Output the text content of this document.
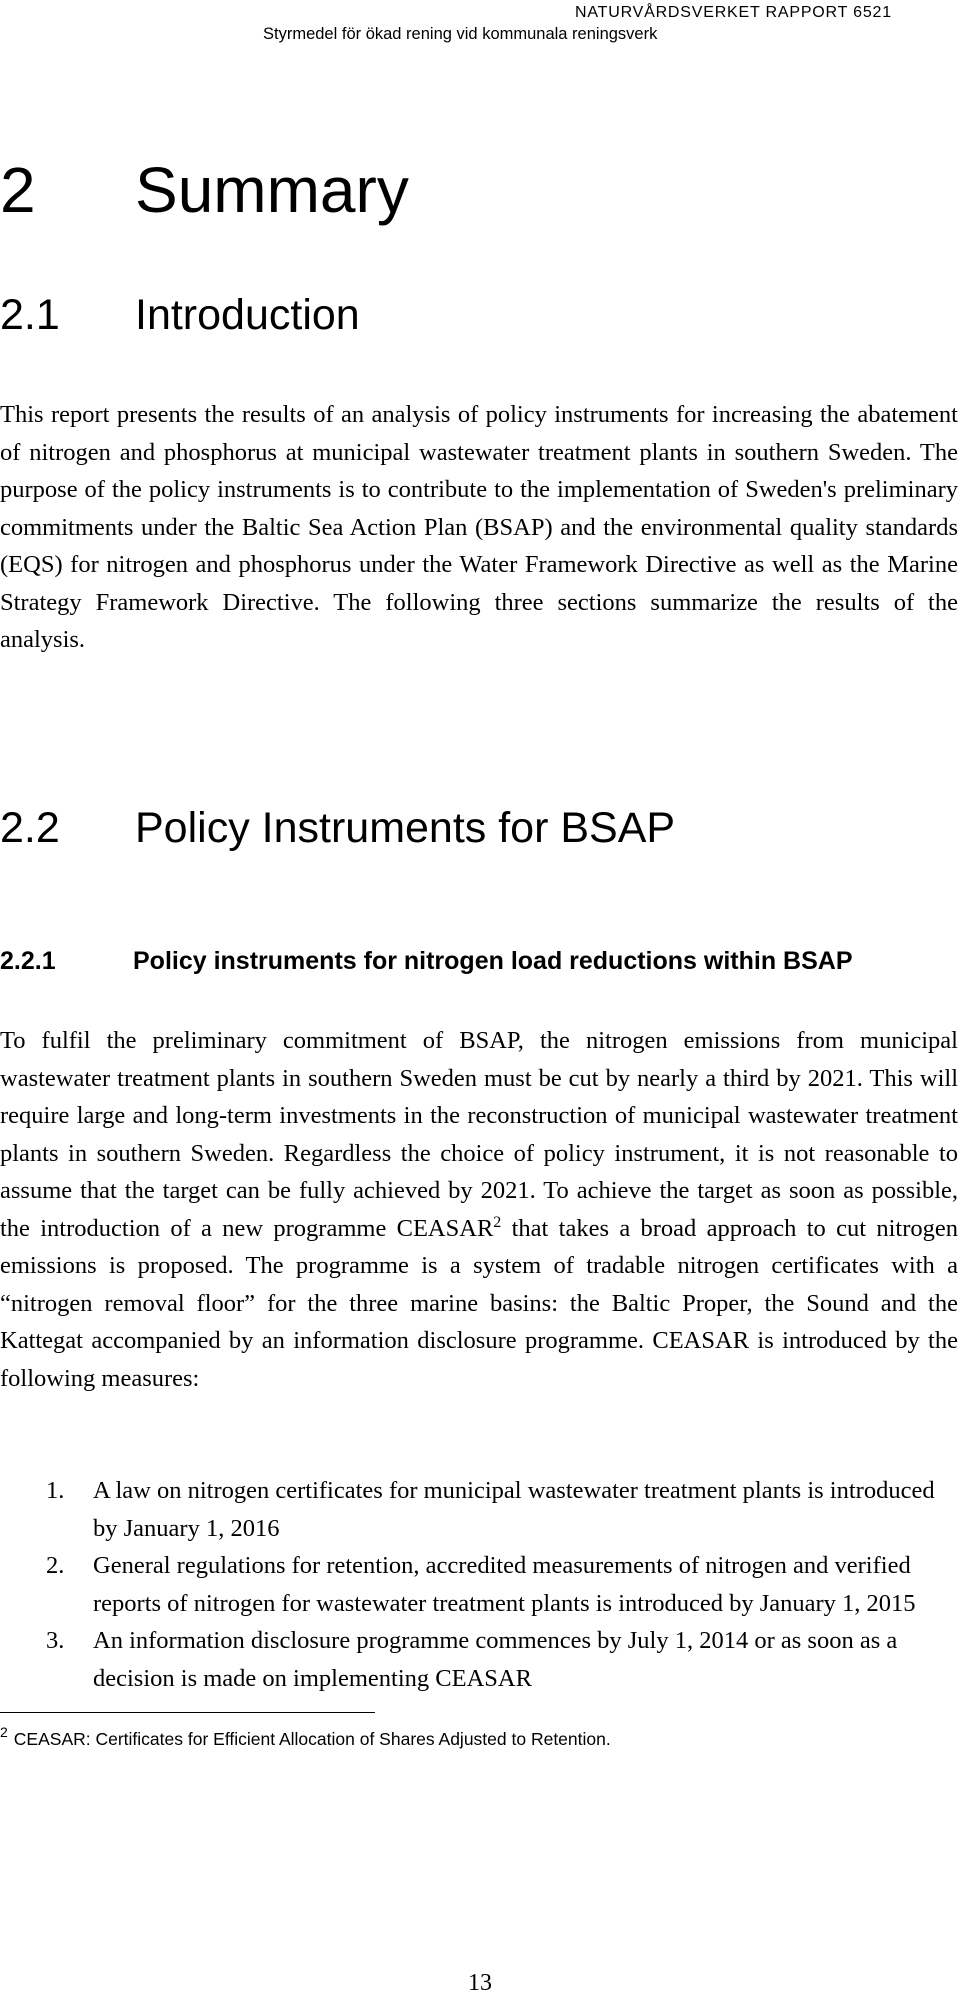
NATURVÅRDSVERKET RAPPORT 6521
Styrmedel för ökad rening vid kommunala reningsverk
2 Summary
2.1 Introduction

This report presents the results of an analysis of policy instruments for increasing the abatement of nitrogen and phosphorus at municipal wastewater treatment plants in southern Sweden. The purpose of the policy instruments is to contribute to the implementation of Sweden's preliminary commitments under the Baltic Sea Action Plan (BSAP) and the environmental quality standards (EQS) for nitrogen and phosphorus under the Water Framework Directive as well as the Marine Strategy Framework Directive. The following three sections summarize the results of the analysis.

2.2 Policy Instruments for BSAP
2.2.1	Policy instruments for nitrogen load reductions within BSAP

To fulfil the preliminary commitment of BSAP, the nitrogen emissions from municipal wastewater treatment plants in southern Sweden must be cut by nearly a third by 2021. This will require large and long-term investments in the reconstruction of municipal wastewater treatment plants in southern Sweden. Regardless the choice of policy instrument, it is not reasonable to assume that the target can be fully achieved by 2021. To achieve the target as soon as possible, the introduction of a new programme CEASAR$^2$ that takes a broad approach to cut nitrogen emissions is proposed. The programme is a system of tradable nitrogen certificates with a “nitrogen removal floor” for the three marine basins: the Baltic Proper, the Sound and the Kattegat accompanied by an information disclosure programme. CEASAR is introduced by the following measures:

1. A law on nitrogen certificates for municipal wastewater treatment plants is introduced by January 1, 2016
2. General regulations for retention, accredited measurements of nitrogen and verified reports of nitrogen for wastewater treatment plants is introduced by January 1, 2015
3. An information disclosure programme commences by July 1, 2014 or as soon as a decision is made on implementing CEASAR
$^2$ CEASAR: Certificates for Efficient Allocation of Shares Adjusted to Retention.
13
